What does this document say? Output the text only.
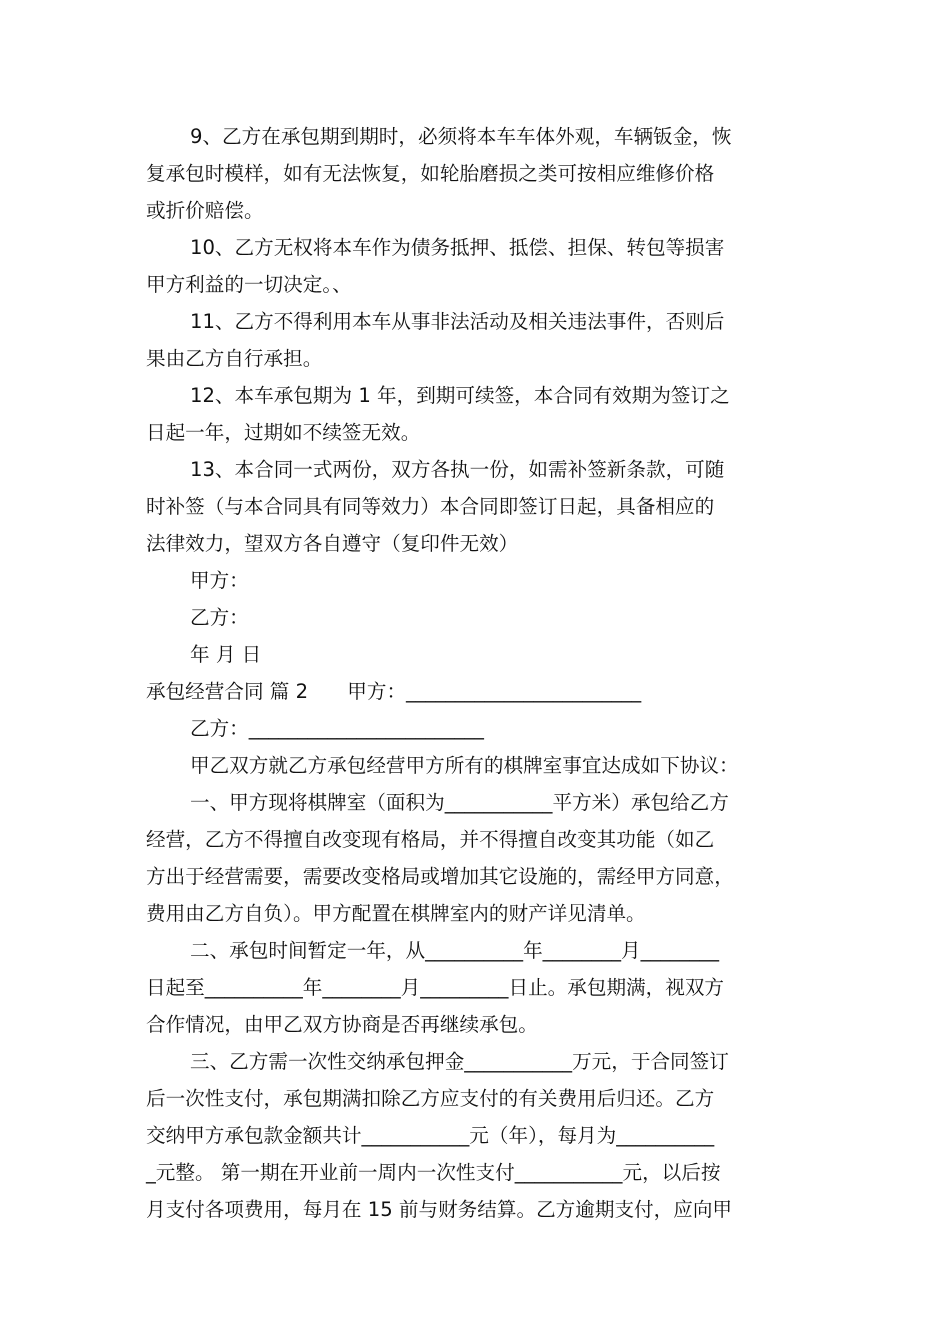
9、乙方在承包期到期时，必须将本车车体外观，车辆钣金，恢
复承包时模样，如有无法恢复，如轮胎磨损之类可按相应维修价格
或折价赔偿。
10、乙方无权将本车作为债务抵押、抵偿、担保、转包等损害
甲方利益的一切决定。、
11、乙方不得利用本车从事非法活动及相关违法事件，否则后
果由乙方自行承担。
12、本车承包期为 1 年，到期可续签，本合同有效期为签订之
日起一年，过期如不续签无效。
13、本合同一式两份，双方各执一份，如需补签新条款，可随
时补签（与本合同具有同等效力）本合同即签订日起，具备相应的
法律效力，望双方各自遵守（复印件无效）
甲方：
乙方：
年 月 日
承包经营合同 篇 2　　甲方：________________________
乙方：________________________
甲乙双方就乙方承包经营甲方所有的棋牌室事宜达成如下协议：
一、甲方现将棋牌室（面积为___________平方米）承包给乙方
经营，乙方不得擅自改变现有格局，并不得擅自改变其功能（如乙
方出于经营需要，需要改变格局或增加其它设施的，需经甲方同意，
费用由乙方自负）。甲方配置在棋牌室内的财产详见清单。
二、承包时间暂定一年，从__________年________月________
日起至__________年________月_________日止。承包期满，视双方
合作情况，由甲乙双方协商是否再继续承包。
三、乙方需一次性交纳承包押金___________万元，于合同签订
后一次性支付，承包期满扣除乙方应支付的有关费用后归还。乙方
交纳甲方承包款金额共计___________元（年），每月为__________
_元整。 第一期在开业前一周内一次性支付___________元，以后按
月支付各项费用，每月在 15 前与财务结算。乙方逾期支付，应向甲
